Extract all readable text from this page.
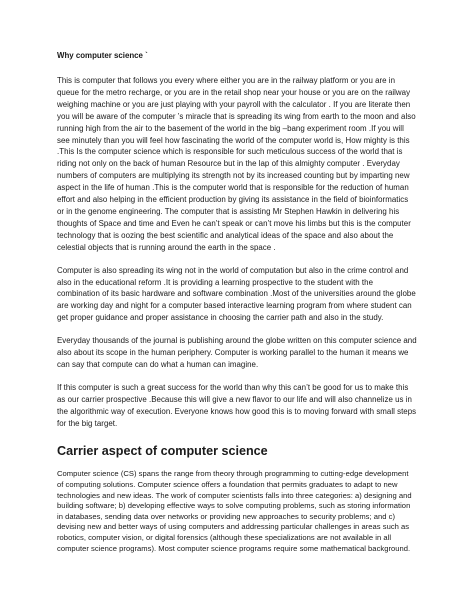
Why computer science `

This is computer that follows you every where either you are in the railway platform or you are in queue for the metro recharge, or you are in the retail shop near your house or you are on the railway weighing machine or you are just playing with your payroll with the calculator . If you are literate then you will be aware of the computer ’s miracle that is spreading its wing from earth to the moon and also running high from the air to the basement of the world in the big –bang experiment room .If you will see minutely than you will feel how fascinating the world of the computer world is, How mighty is this .This Is the computer science which is responsible for such meticulous success of the world that is riding not only on the back of human Resource but in the lap of this almighty computer . Everyday numbers of computers are multiplying its strength not by its increased counting but by imparting new aspect in the life of human .This is the computer world that is responsible for the reduction of human effort and also helping in the efficient production by giving its assistance in the field of bioinformatics or in the genome engineering. The computer that is assisting Mr Stephen Hawkin in delivering his thoughts of Space and time and Even he can’t speak or can’t move his limbs but this is the computer technology that is oozing the best scientific and analytical ideas of the space and also about the celestial objects that is running around the earth in the space .

Computer is also spreading its wing not in the world of computation but also in the crime control and also in the educational reform .It is providing a learning prospective to the student with the combination of its basic hardware and software combination .Most of the universities around the globe are working day and night for a computer based interactive learning program from where student can get proper guidance and proper assistance in choosing the carrier path and also in the study.

Everyday thousands of the journal is publishing around the globe written on this computer science and also about its scope in the human periphery. Computer is working parallel to the human it means we can say that compute can do what a human can imagine.

If this computer is such a great success for the world than why this can’t be good for us to make this as our carrier prospective .Because this will give a new flavor to our life and will also channelize us in the algorithmic way of execution. Everyone knows how good this is to moving forward with small steps for the big target.

Carrier aspect of computer science

Computer science (CS) spans the range from theory through programming to cutting-edge development of computing solutions. Computer science offers a foundation that permits graduates to adapt to new technologies and new ideas. The work of computer scientists falls into three categories: a) designing and building software; b) developing effective ways to solve computing problems, such as storing information in databases, sending data over networks or providing new approaches to security problems; and c) devising new and better ways of using computers and addressing particular challenges in areas such as robotics, computer vision, or digital forensics (although these specializations are not available in all computer science programs). Most computer science programs require some mathematical background.
